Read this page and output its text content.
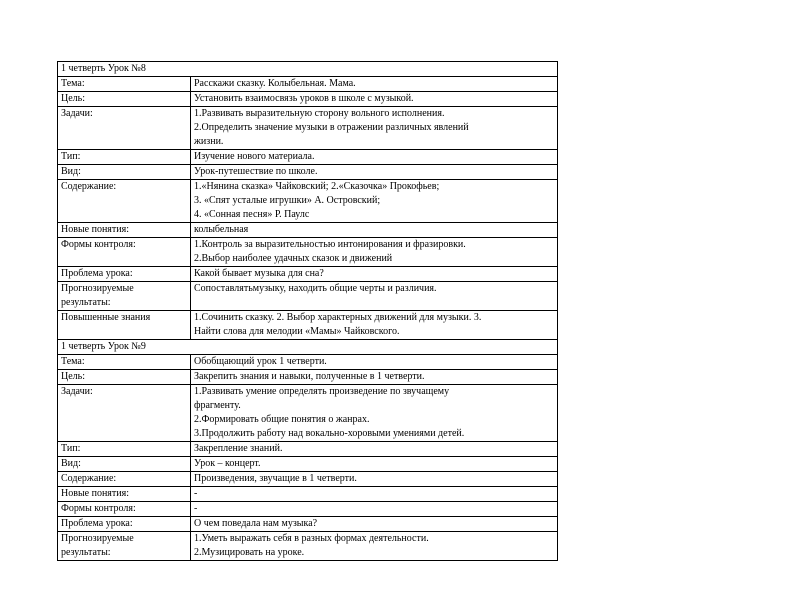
1 четверть Урок №8	
Тема:	Расскажи сказку. Колыбельная. Мама.

Цель:	Установить взаимосвязь уроков в школе с музыкой.

Задачи:	1.Развивать выразительную сторону вольного исполнения.
2.Определить значение музыки в отражении различных явлений
жизни.

Тип:	Изучение нового материала.

Вид:	Урок-путешествие по школе.

Содержание:	1.«Нянина сказка» Чайковский; 2.«Сказочка» Прокофьев;
3. «Спят усталые игрушки» А. Островский;
4. «Сонная песня» Р. Паулс

Новые понятия:	колыбельная

Формы контроля:	1.Контроль за выразительностью интонирования и фразировки.
2.Выбор наиболее удачных сказок и движений

Проблема урока:	Какой бывает музыка для сна?

Прогнозируемые
результаты:	Сопоставлятьмузыку, находить общие черты и различия.

Повышенные знания	1.Сочинить сказку. 2. Выбор характерных движений для музыки. 3.
Найти слова для мелодии «Мамы» Чайковского.

1 четверть Урок №9	
Тема:	Обобщающий урок 1 четверти.

Цель:	Закрепить знания и навыки, полученные в 1 четверти.

Задачи:	1.Развивать умение определять произведение по звучащему
фрагменту.
2.Формировать общие понятия о жанрах.
3.Продолжить работу над вокально-хоровыми умениями детей.

Тип:	Закрепление знаний.

Вид:	Урок – концерт.

Содержание:	Произведения, звучащие в 1 четверти.

Новые понятия:	-

Формы контроля:	-

Проблема урока:	О чем поведала нам музыка?

Прогнозируемые
результаты:	1.Уметь выражать себя в разных формах деятельности.
2.Музицировать на уроке.
